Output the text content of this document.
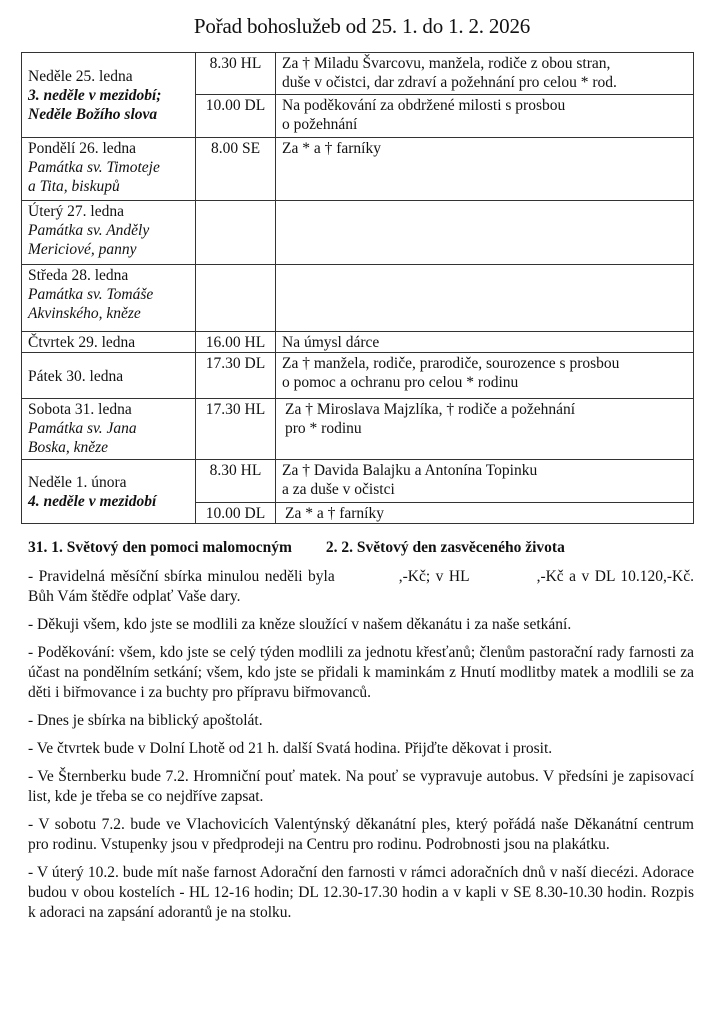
Pořad bohoslužeb od 25. 1. do 1. 2. 2026
Neděle 25. ledna
3. neděle v mezidobí;
Neděle Božího slova	8.30 HL	Za † Miladu Švarcovu, manžela, rodiče z obou stran,
duše v očistci, dar zdraví a požehnání pro celou * rod.

	10.00 DL	Na poděkování za obdržené milosti s prosbou
o požehnání

Pondělí 26. ledna
Památka sv. Timoteje
a Tita, biskupů	8.00 SE	Za * a † farníky

Úterý 27. ledna
Památka sv. Anděly
Mericiové, panny		

Středa 28. ledna
Památka sv. Tomáše
Akvinského, kněze		

Čtvrtek 29. ledna	16.00 HL	Na úmysl dárce

Pátek 30. ledna	17.30 DL	Za † manžela, rodiče, prarodiče, sourozence s prosbou
o pomoc a ochranu pro celou * rodinu

Sobota 31. ledna
Památka sv. Jana
Boska, kněze	17.30 HL	Za † Miroslava Majzlíka, † rodiče a požehnání
pro * rodinu

Neděle 1. února
4. neděle v mezidobí	8.30 HL	Za † Davida Balajku a Antonína Topinku
a za duše v očistci

	10.00 DL	Za * a † farníky
31. 1. Světový den pomoci malomocným 2. 2. Světový den zasvěceného života

- Pravidelná měsíční sbírka minulou neděli byla	,-Kč; v HL	,-Kč a v DL 10.120,-Kč. Bůh Vám štědře odplať Vaše dary.

- Děkuji všem, kdo jste se modlili za kněze sloužící v našem děkanátu i za naše setkání.

- Poděkování: všem, kdo jste se celý týden modlili za jednotu křesťanů; členům pastorační rady farnosti za účast na pondělním setkání; všem, kdo jste se přidali k maminkám z Hnutí modlitby matek a modlili se za děti i biřmovance i za buchty pro přípravu biřmovanců.

- Dnes je sbírka na biblický apoštolát.

- Ve čtvrtek bude v Dolní Lhotě od 21 h. další Svatá hodina. Přijďte děkovat i prosit.

- Ve Šternberku bude 7.2. Hromniční pouť matek. Na pouť se vypravuje autobus. V předsíni je zapisovací list, kde je třeba se co nejdříve zapsat.

- V sobotu 7.2. bude ve Vlachovicích Valentýnský děkanátní ples, který pořádá naše Děkanátní centrum pro rodinu. Vstupenky jsou v předprodeji na Centru pro rodinu. Podrobnosti jsou na plakátku.

- V úterý 10.2. bude mít naše farnost Adorační den farnosti v rámci adoračních dnů v naší diecézi. Adorace budou v obou kostelích - HL 12-16 hodin; DL 12.30-17.30 hodin a v kapli v SE 8.30-10.30 hodin. Rozpis k adoraci na zapsání adorantů je na stolku.
